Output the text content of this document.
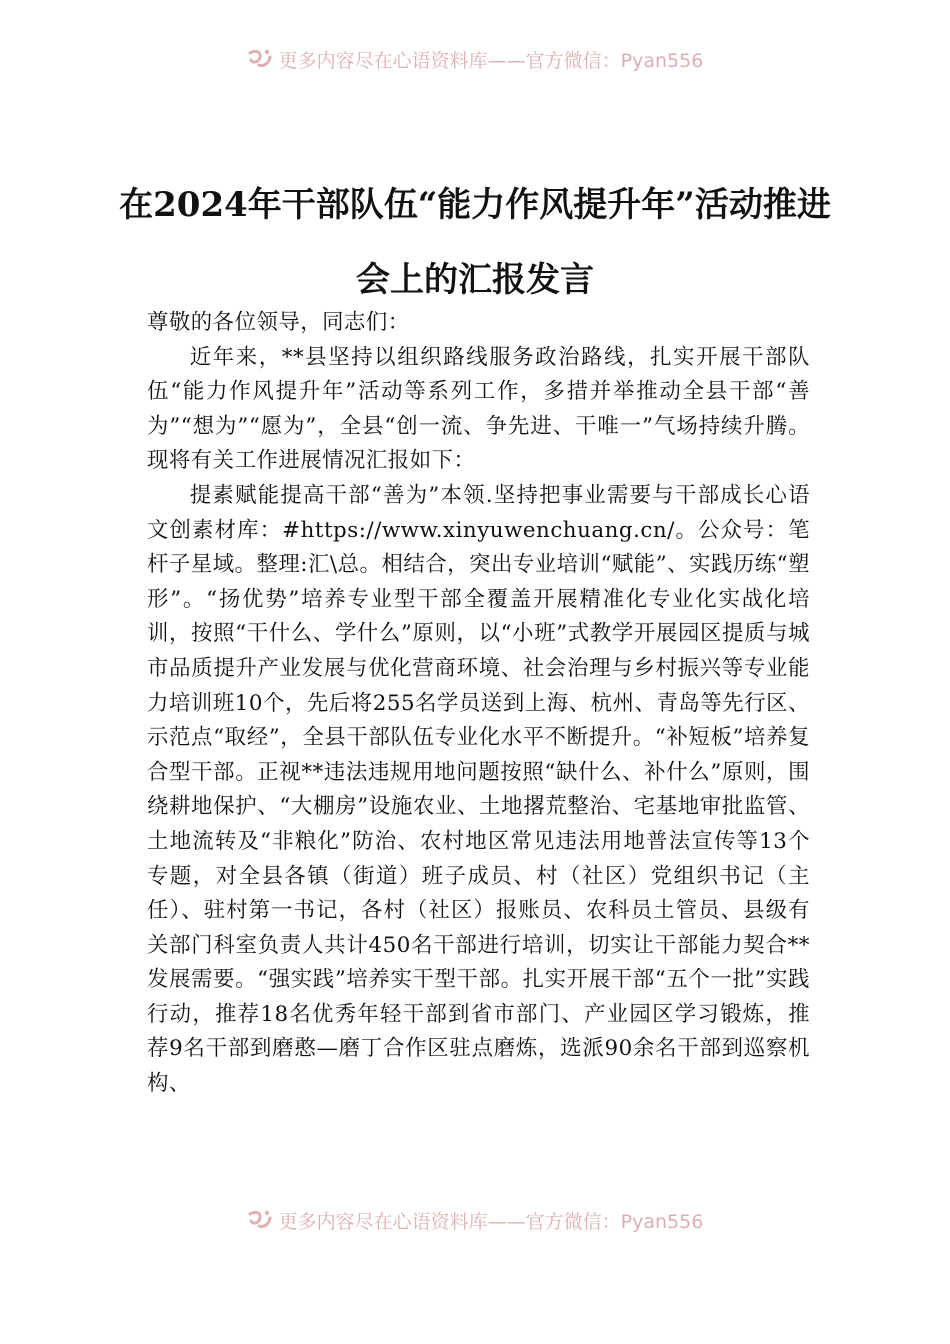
更多内容尽在心语资料库——官方微信：Pyan556
在2024年干部队伍“能力作风提升年”活动推进会上的汇报发言

尊敬的各位领导，同志们：

近年来，**县坚持以组织路线服务政治路线，扎实开展干部队伍“能力作风提升年”活动等系列工作，多措并举推动全县干部“善为”“想为”“愿为”，全县“创一流、争先进、干唯一”气场持续升腾。现将有关工作进展情况汇报如下：

提素赋能提高干部“善为”本领.坚持把事业需要与干部成长心语文创素材库：#https://www.xinyuwenchuang.cn/。公众号：笔杆子星域。整理:汇\总。相结合，突出专业培训“赋能”、实践历练“塑形”。“扬优势”培养专业型干部全覆盖开展精准化专业化实战化培训，按照“干什么、学什么”原则，以“小班”式教学开展园区提质与城市品质提升产业发展与优化营商环境、社会治理与乡村振兴等专业能力培训班10个，先后将255名学员送到上海、杭州、青岛等先行区、示范点“取经”，全县干部队伍专业化水平不断提升。“补短板”培养复合型干部。正视**违法违规用地问题按照“缺什么、补什么”原则，围绕耕地保护、“大棚房”设施农业、土地撂荒整治、宅基地审批监管、土地流转及“非粮化”防治、农村地区常见违法用地普法宣传等13个专题，对全县各镇（街道）班子成员、村（社区）党组织书记（主任）、驻村第一书记，各村（社区）报账员、农科员土管员、县级有关部门科室负责人共计450名干部进行培训，切实让干部能力契合**发展需要。“强实践”培养实干型干部。扎实开展干部“五个一批”实践行动，推荐18名优秀年轻干部到省市部门、产业园区学习锻炼，推荐9名干部到磨憨—磨丁合作区驻点磨炼，选派90余名干部到巡察机构、

更多内容尽在心语资料库——官方微信：Pyan556
